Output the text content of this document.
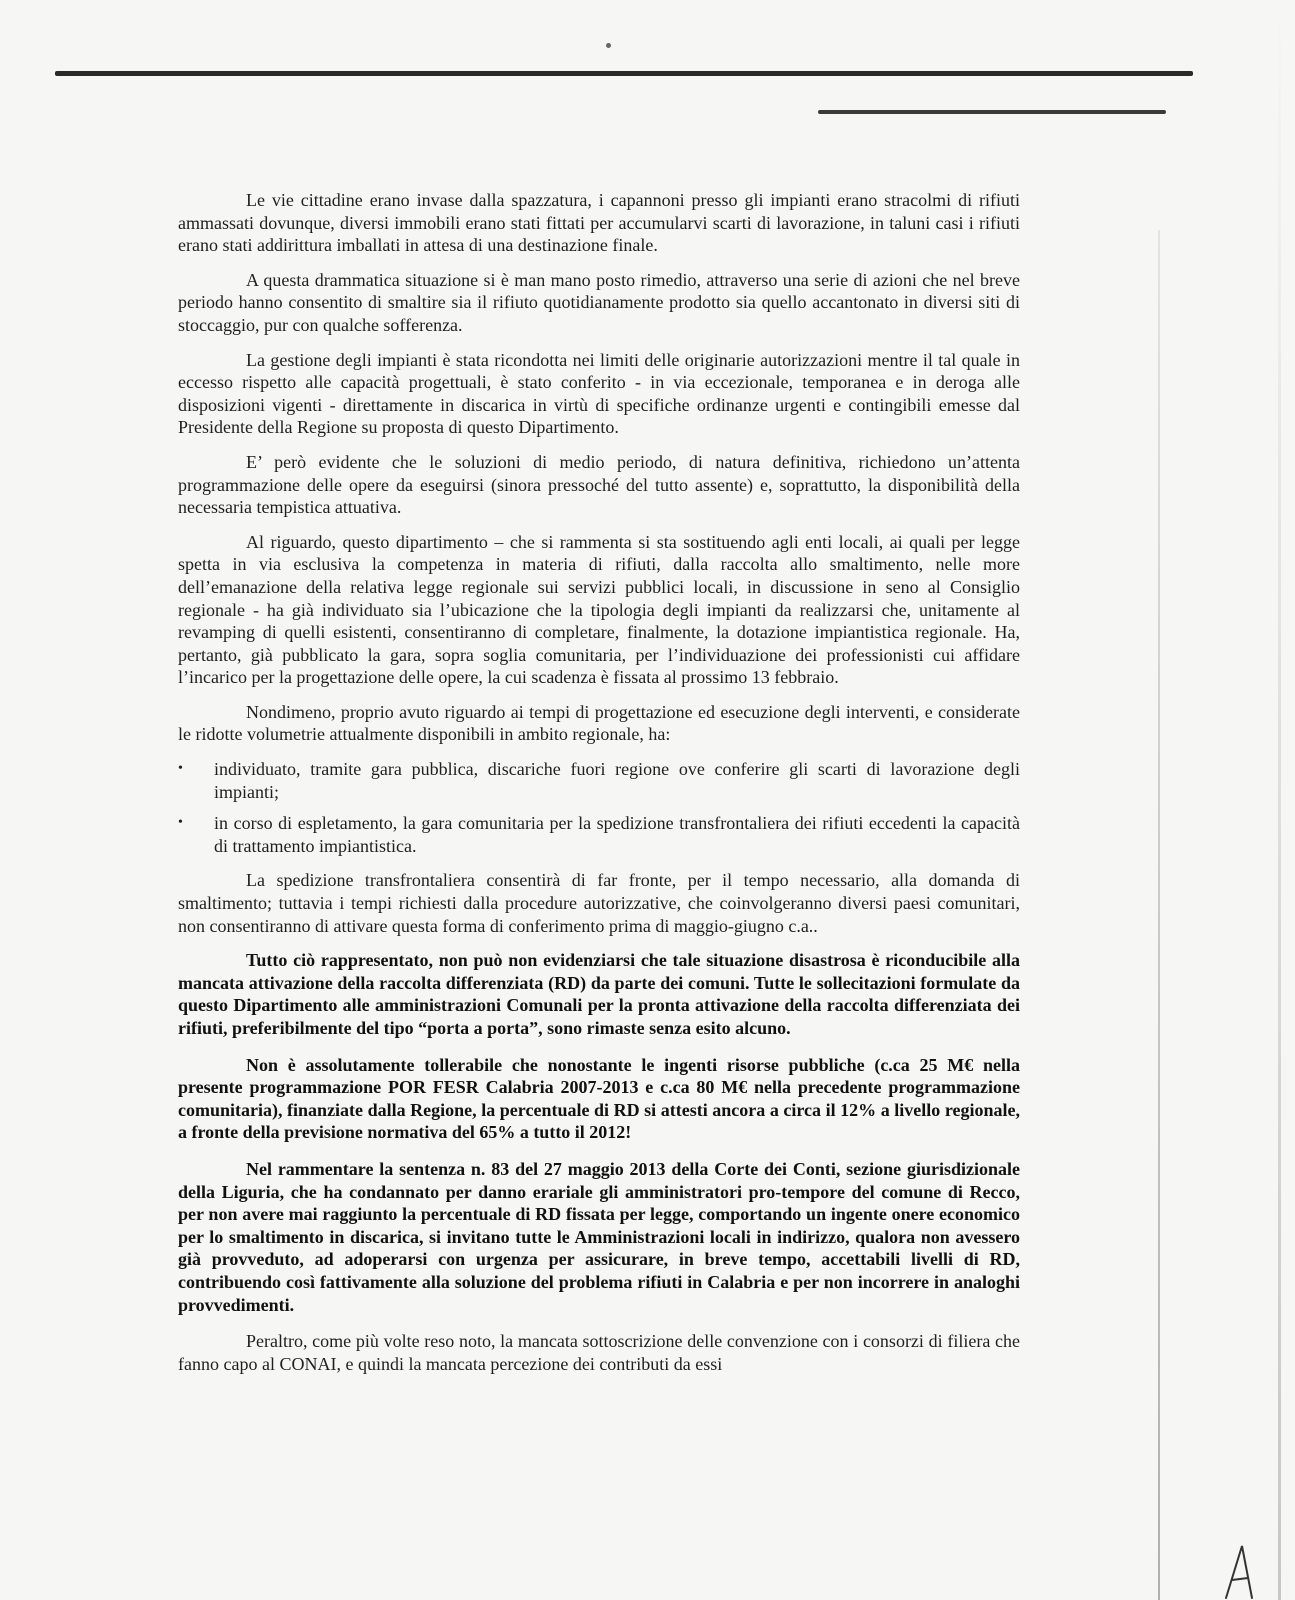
Le vie cittadine erano invase dalla spazzatura, i capannoni presso gli impianti erano stracolmi di rifiuti ammassati dovunque, diversi immobili erano stati fittati per accumularvi scarti di lavorazione, in taluni casi i rifiuti erano stati addirittura imballati in attesa di una destinazione finale.

A questa drammatica situazione si è man mano posto rimedio, attraverso una serie di azioni che nel breve periodo hanno consentito di smaltire sia il rifiuto quotidianamente prodotto sia quello accantonato in diversi siti di stoccaggio, pur con qualche sofferenza.

La gestione degli impianti è stata ricondotta nei limiti delle originarie autorizzazioni mentre il tal quale in eccesso rispetto alle capacità progettuali, è stato conferito - in via eccezionale, temporanea e in deroga alle disposizioni vigenti - direttamente in discarica in virtù di specifiche ordinanze urgenti e contingibili emesse dal Presidente della Regione su proposta di questo Dipartimento.

E’ però evidente che le soluzioni di medio periodo, di natura definitiva, richiedono un’attenta programmazione delle opere da eseguirsi (sinora pressoché del tutto assente) e, soprattutto, la disponibilità della necessaria tempistica attuativa.

Al riguardo, questo dipartimento – che si rammenta si sta sostituendo agli enti locali, ai quali per legge spetta in via esclusiva la competenza in materia di rifiuti, dalla raccolta allo smaltimento, nelle more dell’emanazione della relativa legge regionale sui servizi pubblici locali, in discussione in seno al Consiglio regionale - ha già individuato sia l’ubicazione che la tipologia degli impianti da realizzarsi che, unitamente al revamping di quelli esistenti, consentiranno di completare, finalmente, la dotazione impiantistica regionale. Ha, pertanto, già pubblicato la gara, sopra soglia comunitaria, per l’individuazione dei professionisti cui affidare l’incarico per la progettazione delle opere, la cui scadenza è fissata al prossimo 13 febbraio.

Nondimeno, proprio avuto riguardo ai tempi di progettazione ed esecuzione degli interventi, e considerate le ridotte volumetrie attualmente disponibili in ambito regionale, ha:

•	individuato, tramite gara pubblica, discariche fuori regione ove conferire gli scarti di lavorazione degli impianti;
•	in corso di espletamento, la gara comunitaria per la spedizione transfrontaliera dei rifiuti eccedenti la capacità di trattamento impiantistica.

La spedizione transfrontaliera consentirà di far fronte, per il tempo necessario, alla domanda di smaltimento; tuttavia i tempi richiesti dalla procedure autorizzative, che coinvolgeranno diversi paesi comunitari, non consentiranno di attivare questa forma di conferimento prima di maggio-giugno c.a..

Tutto ciò rappresentato, non può non evidenziarsi che tale situazione disastrosa è riconducibile alla mancata attivazione della raccolta differenziata (RD) da parte dei comuni. Tutte le sollecitazioni formulate da questo Dipartimento alle amministrazioni Comunali per la pronta attivazione della raccolta differenziata dei rifiuti, preferibilmente del tipo “porta a porta”, sono rimaste senza esito alcuno.

Non è assolutamente tollerabile che nonostante le ingenti risorse pubbliche (c.ca 25 M€ nella presente programmazione POR FESR Calabria 2007-2013 e c.ca 80 M€ nella precedente programmazione comunitaria), finanziate dalla Regione, la percentuale di RD si attesti ancora a circa il 12% a livello regionale, a fronte della previsione normativa del 65% a tutto il 2012!

Nel rammentare la sentenza n. 83 del 27 maggio 2013 della Corte dei Conti, sezione giurisdizionale della Liguria, che ha condannato per danno erariale gli amministratori pro-tempore del comune di Recco, per non avere mai raggiunto la percentuale di RD fissata per legge, comportando un ingente onere economico per lo smaltimento in discarica, si invitano tutte le Amministrazioni locali in indirizzo, qualora non avessero già provveduto, ad adoperarsi con urgenza per assicurare, in breve tempo, accettabili livelli di RD, contribuendo così fattivamente alla soluzione del problema rifiuti in Calabria e per non incorrere in analoghi provvedimenti.

Peraltro, come più volte reso noto, la mancata sottoscrizione delle convenzione con i consorzi di filiera che fanno capo al CONAI, e quindi la mancata percezione dei contributi da essi
